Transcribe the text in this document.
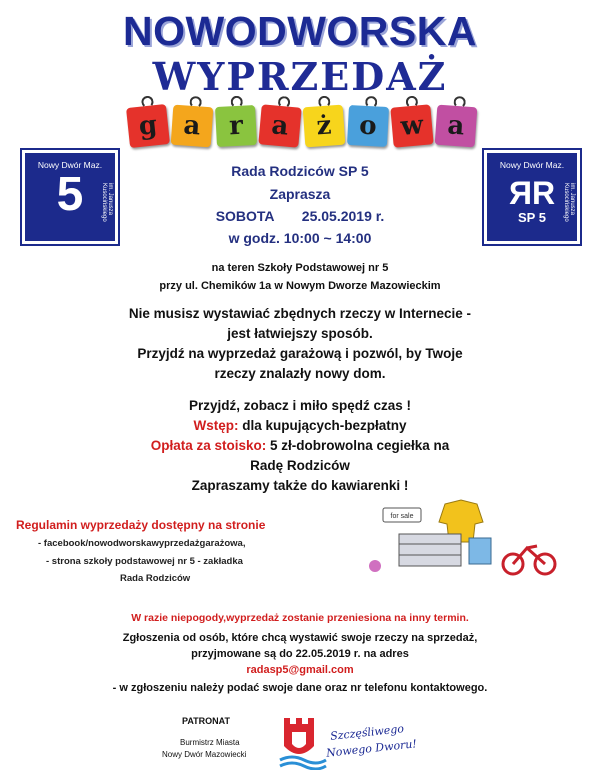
NOWODWORSKA
WYPRZEDAŻ
g a	r	a ż	o w a
Nowy Dwór Maz.
5	im. Janusza Kusocińskiego
Nowy Dwór Maz.
ЯR
SP 5
im. Janusza Kusocińskiego
Rada Rodziców SP 5
Zaprasza
SOBOTA 25.05.2019 r.
w godz. 10:00 ~ 14:00
na teren Szkoły Podstawowej nr 5
przy ul. Chemików 1a w Nowym Dworze Mazowieckim
Nie musisz wystawiać zbędnych rzeczy w Internecie -
jest łatwiejszy sposób.
Przyjdź na wyprzedaż garażową i pozwól, by Twoje
rzeczy znalazły nowy dom.
Przyjdź, zobacz i miło spędź czas !
Wstęp: dla kupujących-bezpłatny
Opłata za stoisko: 5 zł-dobrowolna cegiełka na
Radę Rodziców
Zapraszamy także do kawiarenki !
Regulamin wyprzedaży dostępny na stronie
- facebook/nowodworskawyprzedażgarażowa,
- strona szkoły podstawowej nr 5 - zakładka
Rada Rodziców
for sale
W razie niepogody,wyprzedaż zostanie przeniesiona na inny termin.
Zgłoszenia od osób, które chcą wystawić swoje rzeczy na sprzedaż,
przyjmowane są do 22.05.2019 r. na adres
radasp5@gmail.com
- w zgłoszeniu należy podać swoje dane oraz nr telefonu kontaktowego.
PATRONAT
Burmistrz Miasta
Nowy Dwór Mazowiecki
Szczęśliwego
Nowego Dworu!
